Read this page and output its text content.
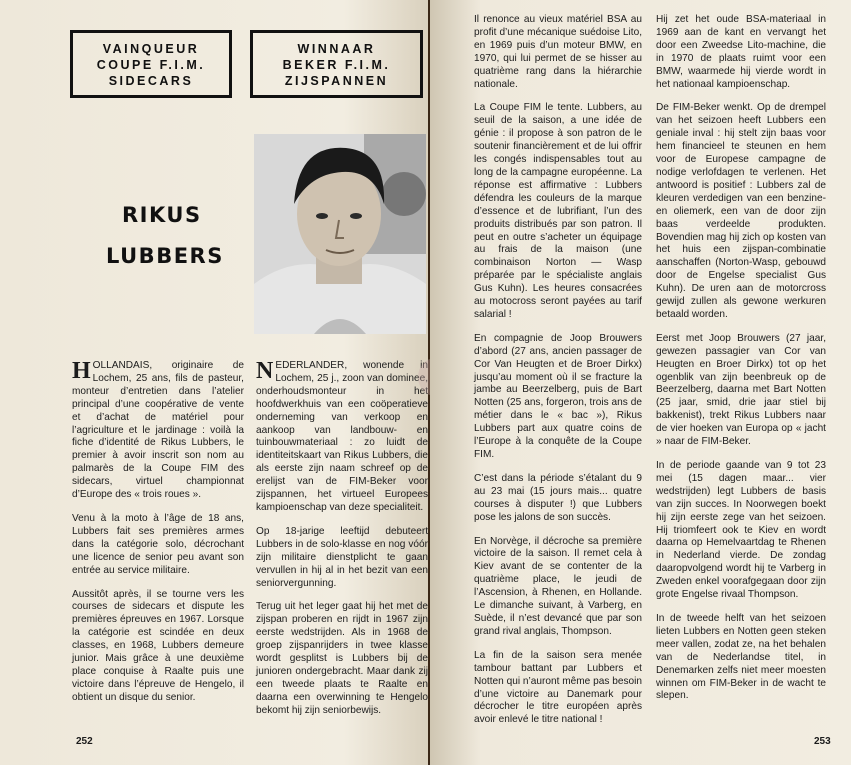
VAINQUEUR
COUPE F.I.M.
SIDECARS
WINNAAR
BEKER F.I.M.
ZIJSPANNEN
RIKUS
LUBBERS

HOLLANDAIS, originaire de Lochem, 25 ans, fils de pasteur, monteur d’entretien dans l’atelier principal d’une coopérative de vente et d’achat de matériel pour l’agriculture et le jardinage : voilà la fiche d’identité de Rikus Lubbers, le premier à avoir inscrit son nom au palmarès de la Coupe FIM des sidecars, virtuel championnat d’Europe des « trois roues ».

Venu à la moto à l’âge de 18 ans, Lubbers fait ses premières armes dans la catégorie solo, décrochant une licence de senior peu avant son entrée au service militaire.

Aussitôt après, il se tourne vers les courses de sidecars et dispute les premières épreuves en 1967. Lorsque la catégorie est scindée en deux classes, en 1968, Lubbers demeure junior. Mais grâce à une deuxième place conquise à Raalte puis une victoire dans l’épreuve de Hengelo, il obtient un disque du senior.

NEDERLANDER, wonende in Lochem, 25 j., zoon van dominee, onderhoudsmonteur in het hoofdwerkhuis van een coöperatieve onderneming van verkoop en aankoop van landbouw- en tuinbouwmateriaal : zo luidt de identiteitskaart van Rikus Lubbers, die als eerste zijn naam schreef op de erelijst van de FIM-Beker voor zijspannen, het virtueel Europees kampioenschap van deze specialiteit.

Op 18-jarige leeftijd debuteert Lubbers in de solo-klasse en nog vóór zijn militaire dienstplicht te gaan vervullen in hij al in het bezit van een seniorvergunning.

Terug uit het leger gaat hij het met de zijspan proberen en rijdt in 1967 zijn eerste wedstrijden. Als in 1968 de groep zijspanrijders in twee klasse wordt gesplitst is Lubbers bij de junioren ondergebracht. Maar dank zij een tweede plaats te Raalte en daarna een overwinning te Hengelo bekomt hij zijn seniorbewijs.

252

Il renonce au vieux matériel BSA au profit d’une mécanique suédoise Lito, en 1969 puis d’un moteur BMW, en 1970, qui lui permet de se hisser au quatrième rang dans la hiérarchie nationale.

La Coupe FIM le tente. Lubbers, au seuil de la saison, a une idée de génie : il propose à son patron de le soutenir financièrement et de lui offrir les congés indispensables tout au long de la campagne européenne. La réponse est affirmative : Lubbers défendra les couleurs de la marque d’essence et de lubrifiant, l’un des produits distribués par son patron. Il peut en outre s’acheter un équipage au frais de la maison (une combinaison Norton — Wasp préparée par le spécialiste anglais Gus Kuhn). Les heures consacrées au motocross seront payées au tarif salarial !

En compagnie de Joop Brouwers d’abord (27 ans, ancien passager de Cor Van Heugten et de Broer Dirkx) jusqu’au moment où il se fracture la jambe au Beerzelberg, puis de Bart Notten (25 ans, forgeron, trois ans de métier dans le « bac »), Rikus Lubbers part aux quatre coins de l’Europe à la conquête de la Coupe FIM.

C’est dans la période s’étalant du 9 au 23 mai (15 jours mais... quatre courses à disputer !) que Lubbers pose les jalons de son succès.

En Norvège, il décroche sa première victoire de la saison. Il remet cela à Kiev avant de se contenter de la quatrième place, le jeudi de l’Ascension, à Rhenen, en Hollande. Le dimanche suivant, à Varberg, en Suède, il n’est devancé que par son grand rival anglais, Thompson.

La fin de la saison sera menée tambour battant par Lubbers et Notten qui n’auront même pas besoin d’une victoire au Danemark pour décrocher le titre européen après avoir enlevé le titre national !

Hij zet het oude BSA-materiaal in 1969 aan de kant en vervangt het door een Zweedse Lito-machine, die in 1970 de plaats ruimt voor een BMW, waarmede hij vierde wordt in het nationaal kampioenschap.

De FIM-Beker wenkt. Op de drempel van het seizoen heeft Lubbers een geniale inval : hij stelt zijn baas voor hem financieel te steunen en hem voor de Europese campagne de nodige verlofdagen te verlenen. Het antwoord is positief : Lubbers zal de kleuren verdedigen van een benzine- en oliemerk, een van de door zijn baas verdeelde produkten. Bovendien mag hij zich op kosten van het huis een zijspan-combinatie aanschaffen (Norton-Wasp, gebouwd door de Engelse specialist Gus Kuhn). De uren aan de motorcross gewijd zullen als gewone werkuren betaald worden.

Eerst met Joop Brouwers (27 jaar, gewezen passagier van Cor van Heugten en Broer Dirkx) tot op het ogenblik van zijn beenbreuk op de Beerzelberg, daarna met Bart Notten (25 jaar, smid, drie jaar stiel bij bakkenist), trekt Rikus Lubbers naar de vier hoeken van Europa op « jacht » naar de FIM-Beker.

In de periode gaande van 9 tot 23 mei (15 dagen maar... vier wedstrijden) legt Lubbers de basis van zijn succes. In Noorwegen boekt hij zijn eerste zege van het seizoen. Hij triomfeert ook te Kiev en wordt daarna op Hemelvaartdag te Rhenen in Nederland vierde. De zondag daaropvolgend wordt hij te Varberg in Zweden enkel voorafgegaan door zijn grote Engelse rivaal Thompson.

In de tweede helft van het seizoen lieten Lubbers en Notten geen steken meer vallen, zodat ze, na het behalen van de Nederlandse titel, in Denemarken zelfs niet meer moesten winnen om FIM-Beker in de wacht te slepen.

253
